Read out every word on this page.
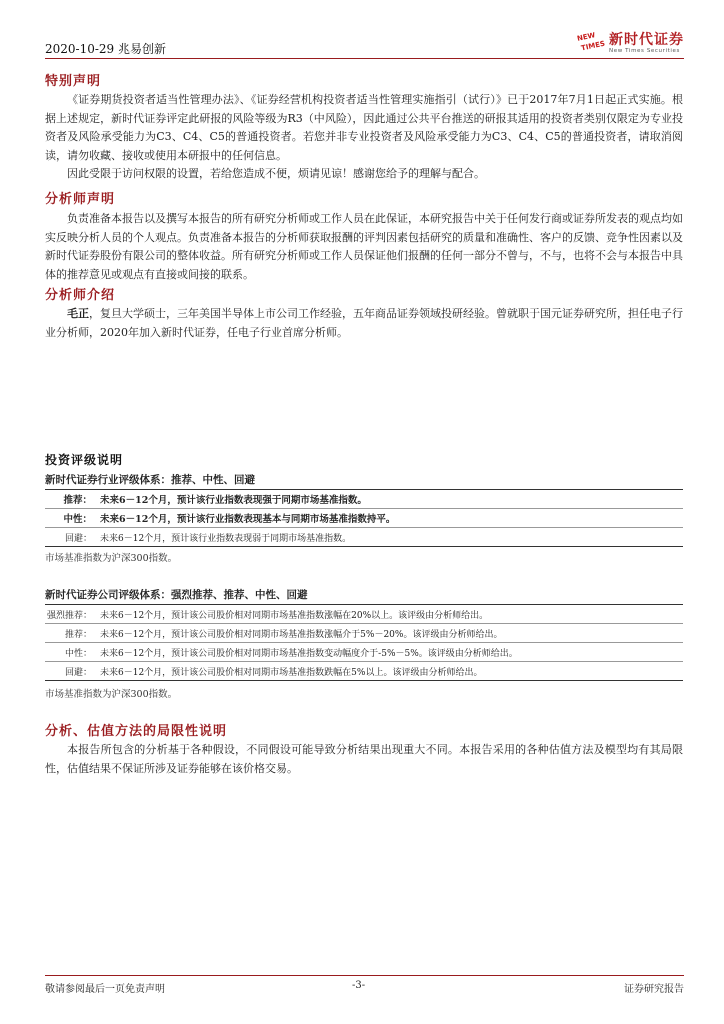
2020-10-29 兆易创新
NEW
TIMES 新时代证券
New Times Securities
特别声明
《证券期货投资者适当性管理办法》、《证券经营机构投资者适当性管理实施指引（试行）》已于2017年7月1日起正式实施。根据上述规定，新时代证券评定此研报的风险等级为R3（中风险），因此通过公共平台推送的研报其适用的投资者类别仅限定为专业投资者及风险承受能力为C3、C4、C5的普通投资者。若您并非专业投资者及风险承受能力为C3、C4、C5的普通投资者，请取消阅读，请勿收藏、接收或使用本研报中的任何信息。
因此受限于访问权限的设置，若给您造成不便，烦请见谅！感谢您给予的理解与配合。
分析师声明
负责准备本报告以及撰写本报告的所有研究分析师或工作人员在此保证，本研究报告中关于任何发行商或证券所发表的观点均如实反映分析人员的个人观点。负责准备本报告的分析师获取报酬的评判因素包括研究的质量和准确性、客户的反馈、竞争性因素以及新时代证券股份有限公司的整体收益。所有研究分析师或工作人员保证他们报酬的任何一部分不曾与，不与，也将不会与本报告中具体的推荐意见或观点有直接或间接的联系。
分析师介绍
毛正，复旦大学硕士，三年美国半导体上市公司工作经验，五年商品证券领域投研经验。曾就职于国元证券研究所，担任电子行业分析师，2020年加入新时代证券，任电子行业首席分析师。
投资评级说明
新时代证券行业评级体系：推荐、中性、回避
推荐： 未来6－12个月，预计该行业指数表现强于同期市场基准指数。
中性： 未来6－12个月，预计该行业指数表现基本与同期市场基准指数持平。
回避： 未来6－12个月，预计该行业指数表现弱于同期市场基准指数。
市场基准指数为沪深300指数。
新时代证券公司评级体系：强烈推荐、推荐、中性、回避
强烈推荐： 未来6－12个月，预计该公司股价相对同期市场基准指数涨幅在20%以上。该评级由分析师给出。
推荐： 未来6－12个月，预计该公司股价相对同期市场基准指数涨幅介于5%－20%。该评级由分析师给出。
中性： 未来6－12个月，预计该公司股价相对同期市场基准指数变动幅度介于-5%－5%。该评级由分析师给出。
回避： 未来6－12个月，预计该公司股价相对同期市场基准指数跌幅在5%以上。该评级由分析师给出。
市场基准指数为沪深300指数。
分析、估值方法的局限性说明
本报告所包含的分析基于各种假设，不同假设可能导致分析结果出现重大不同。本报告采用的各种估值方法及模型均有其局限性，估值结果不保证所涉及证券能够在该价格交易。
敬请参阅最后一页免责声明	-3-	证券研究报告
